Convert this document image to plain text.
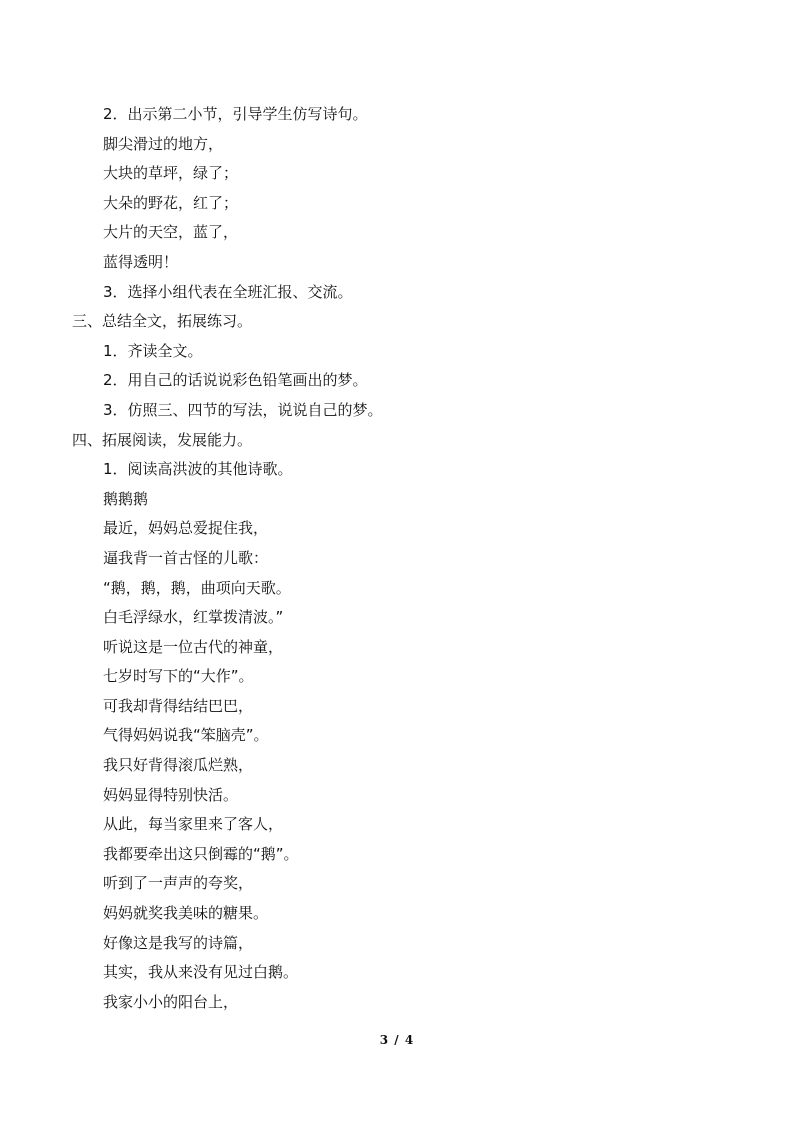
2．出示第二小节，引导学生仿写诗句。
脚尖滑过的地方，
大块的草坪，绿了；
大朵的野花，红了；
大片的天空，蓝了，
蓝得透明！
3．选择小组代表在全班汇报、交流。
三、总结全文，拓展练习。
1．齐读全文。
2．用自己的话说说彩色铅笔画出的梦。
3．仿照三、四节的写法，说说自己的梦。
四、拓展阅读，发展能力。
1．阅读高洪波的其他诗歌。
鹅鹅鹅
最近，妈妈总爱捉住我，
逼我背一首古怪的儿歌：
“鹅，鹅，鹅，曲项向天歌。
白毛浮绿水，红掌拨清波。”
听说这是一位古代的神童，
七岁时写下的“大作”。
可我却背得结结巴巴，
气得妈妈说我“笨脑壳”。
我只好背得滚瓜烂熟，
妈妈显得特别快活。
从此，每当家里来了客人，
我都要牵出这只倒霉的“鹅”。
听到了一声声的夸奖，
妈妈就奖我美味的糖果。
好像这是我写的诗篇，
其实，我从来没有见过白鹅。
我家小小的阳台上，
3 / 4
